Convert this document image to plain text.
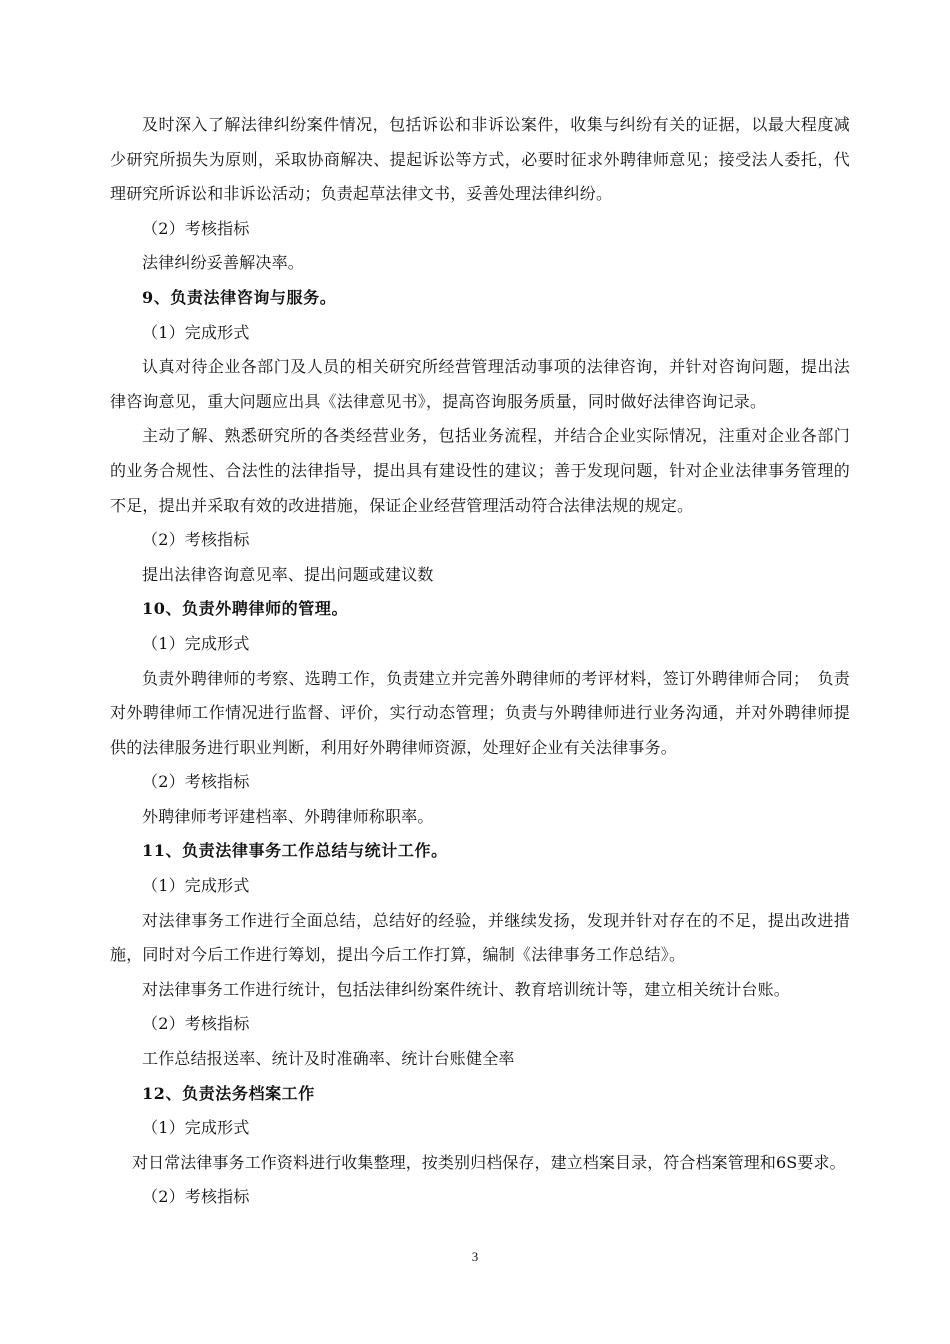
及时深入了解法律纠纷案件情况，包括诉讼和非诉讼案件，收集与纠纷有关的证据，以最大程度减少研究所损失为原则，采取协商解决、提起诉讼等方式，必要时征求外聘律师意见；接受法人委托，代理研究所诉讼和非诉讼活动；负责起草法律文书，妥善处理法律纠纷。

（2）考核指标

法律纠纷妥善解决率。

9、负责法律咨询与服务。

（1）完成形式

认真对待企业各部门及人员的相关研究所经营管理活动事项的法律咨询，并针对咨询问题，提出法律咨询意见，重大问题应出具《法律意见书》，提高咨询服务质量，同时做好法律咨询记录。

主动了解、熟悉研究所的各类经营业务，包括业务流程，并结合企业实际情况，注重对企业各部门的业务合规性、合法性的法律指导，提出具有建设性的建议；善于发现问题，针对企业法律事务管理的不足，提出并采取有效的改进措施，保证企业经营管理活动符合法律法规的规定。

（2）考核指标

提出法律咨询意见率、提出问题或建议数

10、负责外聘律师的管理。

（1）完成形式

负责外聘律师的考察、选聘工作，负责建立并完善外聘律师的考评材料，签订外聘律师合同；　负责对外聘律师工作情况进行监督、评价，实行动态管理；负责与外聘律师进行业务沟通，并对外聘律师提供的法律服务进行职业判断，利用好外聘律师资源，处理好企业有关法律事务。

（2）考核指标

外聘律师考评建档率、外聘律师称职率。

11、负责法律事务工作总结与统计工作。

（1）完成形式

对法律事务工作进行全面总结，总结好的经验，并继续发扬，发现并针对存在的不足，提出改进措施，同时对今后工作进行筹划，提出今后工作打算，编制《法律事务工作总结》。

对法律事务工作进行统计，包括法律纠纷案件统计、教育培训统计等，建立相关统计台账。

（2）考核指标

工作总结报送率、统计及时准确率、统计台账健全率

12、负责法务档案工作

（1）完成形式

对日常法律事务工作资料进行收集整理，按类别归档保存，建立档案目录，符合档案管理和6S要求。

（2）考核指标

3
